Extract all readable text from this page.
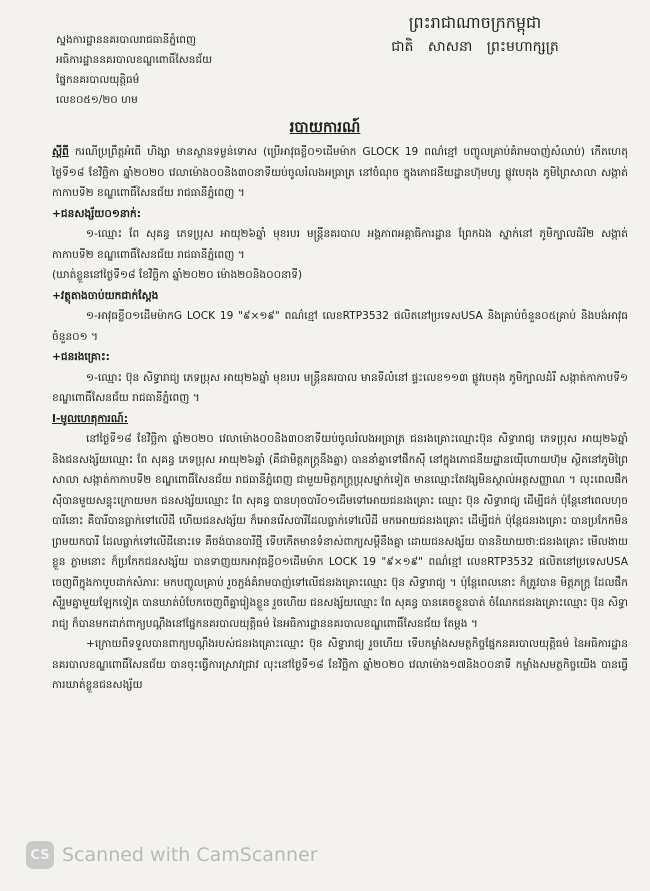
ស្នងការដ្ឋាននគរបាលរាជធានីភ្នំពេញ
អធិការដ្ឋាននគរបាលខណ្ឌពោធិ៍សែនជ័យ
ផ្នែកនគរបាលយុត្តិធម៌
លេខ០៥១/២០ ហម
ព្រះរាជាណាចក្រកម្ពុជា
ជាតិ សាសនា ព្រះមហាក្សត្រ
របាយការណ៍

ស្តីពី ករណីប្រព្រឹត្តអំពើ ហិង្សា មានស្ថានទម្ងន់ទោស (ប្រើអាវុធខ្លី០១ដើមម៉ាក GLOCK 19 ពណ៌ខ្មៅ បញ្ចូលគ្រាប់គំរាមបាញ់សំលាប់) កើតហេតុថ្ងៃទី១៨ ខែវិច្ឆិកា ឆ្នាំ២០២០ វេលាម៉ោង០០និង៣០នាទីយប់ចូលរំលងអធ្រាត្រ នៅចំណុច ក្នុងភោជនីយដ្ឋានហ៊ុមហ្ស ផ្លូវបេតុង ភូមិព្រៃសាលា សង្កាត់កាកាបទី២ ខណ្ឌពោធិ៍សែនជ័យ រាជធានីភ្នំពេញ ។

+ជនសង្ស័យ០១នាក់:

១-ឈ្មោះ ពែ សុគន្ធ ភេទប្រុស អាយុ២៦ឆ្នាំ មុខរបរ មន្ត្រីនគរបាល អង្គភាពអគ្គាធិការដ្ឋាន ព្រែកឯង ស្នាក់នៅ ភូមិក្បាលដំរី២ សង្កាត់កាកាបទី២ ខណ្ឌពោធិ៍សែនជ័យ រាជធានីភ្នំពេញ ។

(ឃាត់ខ្លួននៅថ្ងៃទី១៨ ខែវិច្ឆិកា ឆ្នាំ២០២០ ម៉ោង២០និង០០នាទី)

+វត្ថុតាងចាប់យកជាក់ស្តែង

១-អាវុធខ្លី០១ដើមម៉ាកG LOCK 19 "៩×១៩" ពណ៌ខ្មៅ លេខRTP3532 ផលិតនៅប្រទេសUSA និងគ្រាប់ចំនួន០៥គ្រាប់ និងបង់អាវុធ ចំនួន០១ ។

+ជនរងគ្រោះ:

១-ឈ្មោះ ប៊ុន សិទ្ធារាជ្យ ភេទប្រុស អាយុ២៦ឆ្នាំ មុខរបរ មន្ត្រីនគរបាល មានទីលំនៅ ផ្ទះលេខ១១៣ ផ្លូវបេតុង ភូមិក្បាលដំរី សង្កាត់កាកាបទី១ ខណ្ឌពោធិ៍សែនជ័យ រាជធានីភ្នំពេញ ។

I-មូលហេតុការណ៍:

នៅថ្ងៃទី១៨ ខែវិច្ឆិកា ឆ្នាំ២០២០ វេលាម៉ោង០០និង៣០នាទីយប់ចូលរំលងអធ្រាត្រ ជនរងគ្រោះឈ្មោះប៊ុន សិទ្ធារាជ្យ ភេទប្រុស អាយុ២៦ឆ្នាំ និងជនសង្ស័យឈ្មោះ ពែ សុគន្ធ ភេទប្រុស អាយុ២៦ឆ្នាំ (គឺជាមិត្តភក្រ្តនឹងគ្នា) បាននាំគ្នាទៅផឹកស៊ី នៅក្នុងភោជនីយដ្ឋានយ៉ើហោយហ៊ុម ស្ថិតនៅភូមិព្រៃសាលា សង្កាត់កាកាបទី២ ខណ្ឌពោធិ៍សែនជ័យ រាជធានីភ្នំពេញ ជាមួយមិត្តភក្រ្តប្រុសម្នាក់ទៀត មានឈ្មោះតែវង្សមិនស្គាល់អត្តសញ្ញាណ ។ លុះពេលផឹកស៊ីបានមួយសន្ទុះក្រោយមក ជនសង្ស័យឈ្មោះ ពែ សុគន្ធ បានហុចបារី០១ដើមទៅអោយជនរងគ្រោះ ឈ្មោះ ប៊ុន សិទ្ធារាជ្យ ដើម្បីជក់ ប៉ុន្តែនៅពេលហុចបារីនោះ គឺបារីបានធ្លាក់ទៅលើដី ហើយជនសង្ស័យ ក៏អោនរើសបារីដែលធ្លាក់ទៅលើដី មកអោយជនរងគ្រោះ ដើម្បីជក់ ប៉ុន្តែជនរងគ្រោះ បានប្រកែកមិនព្រមយកបារី ដែលធ្លាក់ទៅលើដីនោះទេ គឺចង់បានបារីថ្មី ទើបកើតមានទំនាស់ពាក្យសម្តីនឹងគ្នា ដោយជនសង្ស័យ បាននិយាយថា:ជនរងគ្រោះ មើលងាយខ្លួន ភ្លាមនោះ ក៏ប្រកែកជនសង្ស័យ បានទាញយកអាវុធខ្លី០១ដើមម៉ាក LOCK 19 "៩×១៩" ពណ៌ខ្មៅ លេខRTP3532 ផលិតនៅប្រទេសUSA ចេញពីក្នុងកាបូបដាក់សំភារៈ មកបញ្ចូលគ្រាប់ រួចភ្ជង់គំរាមបាញ់ទៅលើជនរងគ្រោះឈ្មោះ ប៊ុន សិទ្ធារាជ្យ ។ ប៉ុន្តែពេលនោះ ក៏ត្រូវបាន មិត្តភក្រ្ត ដែលផឹកស៊ីរួមគ្នាមួយឡែកទៀត បានឃាត់បំបែកចេញពីគ្នារៀងខ្លួន រួចហើយ ជនសង្ស័យឈ្មោះ ពែ សុគន្ធ បានគេចខ្លួនបាត់ ចំណែកជនរងគ្រោះឈ្មោះ ប៊ុន សិទ្ធារាជ្យ ក៏បានមកដាក់ពាក្យបណ្តឹងនៅផ្នែកនគរបាលយុត្តិធម៌ នៃអធិការដ្ឋាននគរបាលខណ្ឌពោធិ៍សែនជ័យ តែម្តង ។

+ក្រោយពីទទួលបានពាក្យបណ្តឹងរបស់ជនរងគ្រោះឈ្មោះ ប៊ុន សិទ្ធារាជ្យ រួចហើយ ទើបកម្លាំងសមត្ថកិច្ចផ្នែកនគរបាលយុត្តិធម៌ នៃអធិការដ្ឋាននគរបាលខណ្ឌពោធិ៍សែនជ័យ បានចុះធ្វើការស្រាវជ្រាវ លុះនៅថ្ងៃទី១៨ ខែវិច្ឆិកា ឆ្នាំ២០២០ វេលាម៉ោង១៧និង០០នាទី កម្លាំងសមត្ថកិច្ចយើង បានធ្វើការឃាត់ខ្លួនជនសង្ស័យ

CS Scanned with CamScanner
